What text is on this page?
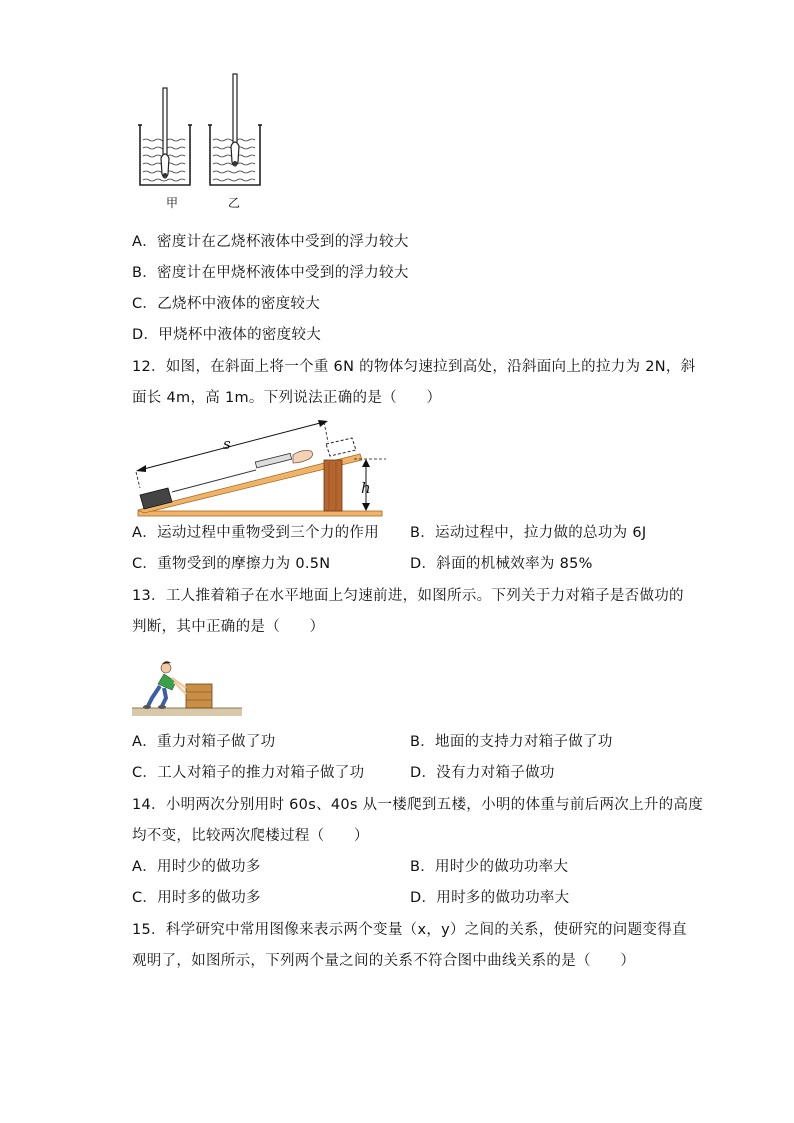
甲	乙
A．密度计在乙烧杯液体中受到的浮力较大
B．密度计在甲烧杯液体中受到的浮力较大
C．乙烧杯中液体的密度较大
D．甲烧杯中液体的密度较大
12．如图，在斜面上将一个重 6N 的物体匀速拉到高处，沿斜面向上的拉力为 2N，斜
面长 4m，高 1m。下列说法正确的是（　　）
s
h
A．运动过程中重物受到三个力的作用 B．运动过程中，拉力做的总功为 6J
C．重物受到的摩擦力为 0.5N	D．斜面的机械效率为 85%
13．工人推着箱子在水平地面上匀速前进，如图所示。下列关于力对箱子是否做功的
判断，其中正确的是（　　）
A．重力对箱子做了功	B．地面的支持力对箱子做了功
C．工人对箱子的推力对箱子做了功	D．没有力对箱子做功
14．小明两次分别用时 60s、40s 从一楼爬到五楼，小明的体重与前后两次上升的高度
均不变，比较两次爬楼过程（　　）
A．用时少的做功多	B．用时少的做功功率大
C．用时多的做功多	D．用时多的做功功率大
15．科学研究中常用图像来表示两个变量（x，y）之间的关系，使研究的问题变得直
观明了，如图所示，下列两个量之间的关系不符合图中曲线关系的是（　　）
